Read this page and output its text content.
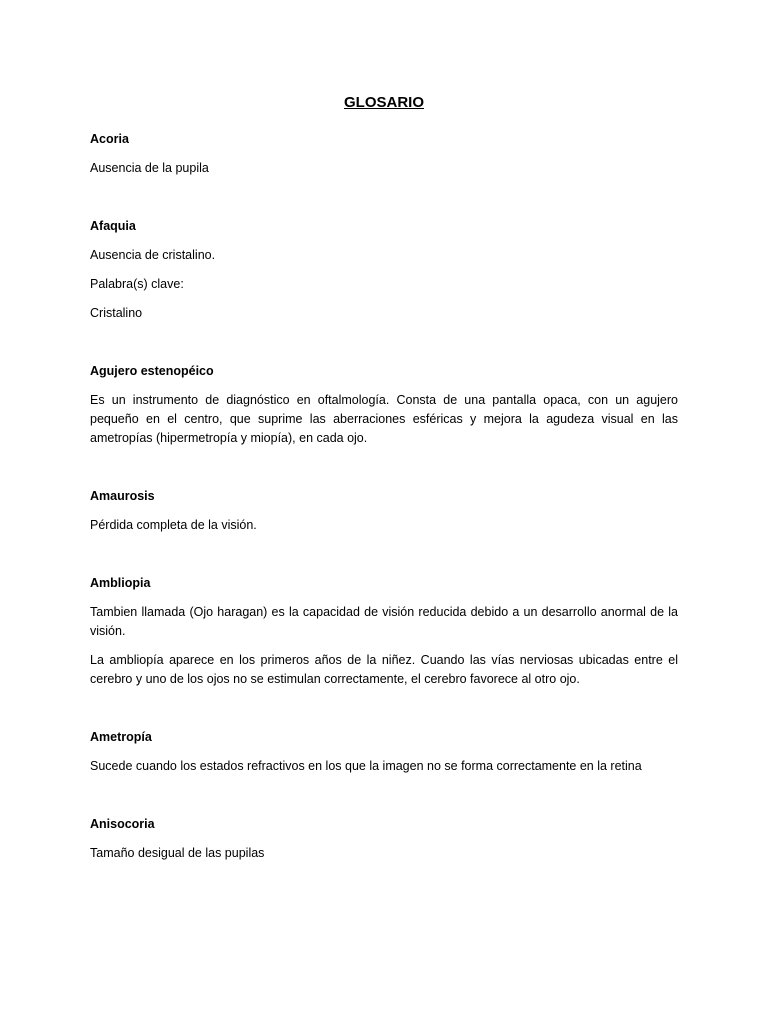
GLOSARIO
Acoria
Ausencia de la pupila
Afaquia
Ausencia de cristalino.
Palabra(s) clave:
Cristalino
Agujero estenopéico
Es un instrumento de diagnóstico en oftalmología. Consta de una pantalla opaca, con un agujero pequeño en el centro, que suprime las aberraciones esféricas y mejora la agudeza visual en las ametropías (hipermetropía y miopía), en cada ojo.
Amaurosis
Pérdida completa de la visión.
Ambliopia
Tambien llamada (Ojo haragan) es la capacidad de visión reducida debido a un desarrollo anormal de la visión.
La ambliopía aparece en los primeros años de la niñez. Cuando las vías nerviosas ubicadas entre el cerebro y uno de los ojos no se estimulan correctamente, el cerebro favorece al otro ojo.
Ametropía
Sucede cuando los estados refractivos en los que la imagen no se forma correctamente en la retina
Anisocoria
Tamaño desigual de las pupilas
